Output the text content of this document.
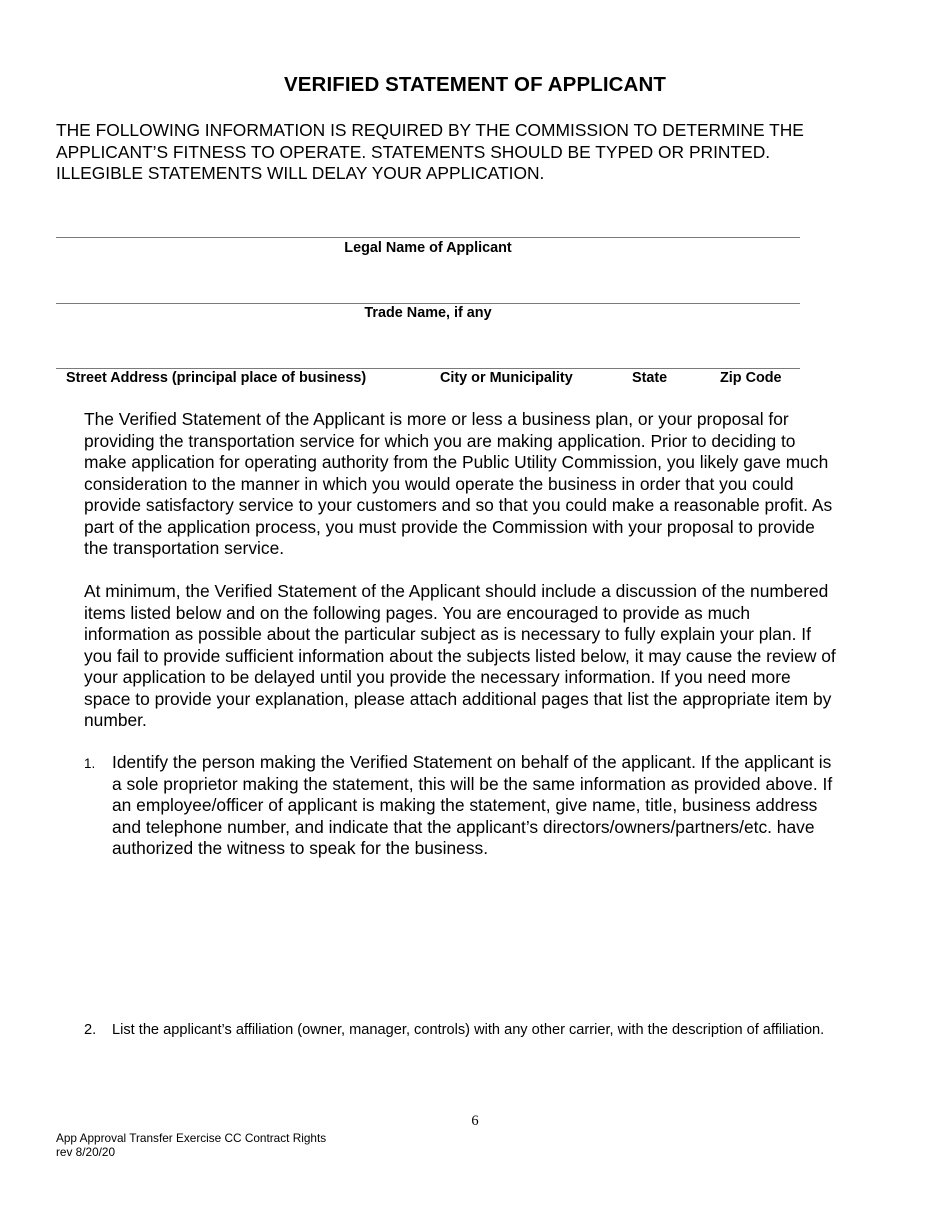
VERIFIED STATEMENT OF APPLICANT
THE FOLLOWING INFORMATION IS REQUIRED BY THE COMMISSION TO DETERMINE THE
APPLICANT’S FITNESS TO OPERATE. STATEMENTS SHOULD BE TYPED OR PRINTED.
ILLEGIBLE STATEMENTS WILL DELAY YOUR APPLICATION.
Legal Name of Applicant
Trade Name, if any
Street Address (principal place of business)	City or Municipality	State	Zip Code
The Verified Statement of the Applicant is more or less a business plan, or your proposal for
providing the transportation service for which you are making application. Prior to deciding to
make application for operating authority from the Public Utility Commission, you likely gave much
consideration to the manner in which you would operate the business in order that you could
provide satisfactory service to your customers and so that you could make a reasonable profit. As
part of the application process, you must provide the Commission with your proposal to provide
the transportation service.
At minimum, the Verified Statement of the Applicant should include a discussion of the numbered
items listed below and on the following pages. You are encouraged to provide as much
information as possible about the particular subject as is necessary to fully explain your plan. If
you fail to provide sufficient information about the subjects listed below, it may cause the review of
your application to be delayed until you provide the necessary information. If you need more
space to provide your explanation, please attach additional pages that list the appropriate item by
number.
1. Identify the person making the Verified Statement on behalf of the applicant. If the applicant is
a sole proprietor making the statement, this will be the same information as provided above. If
an employee/officer of applicant is making the statement, give name, title, business address
and telephone number, and indicate that the applicant’s directors/owners/partners/etc. have
authorized the witness to speak for the business.
2. List the applicant’s affiliation (owner, manager, controls) with any other carrier, with the description of affiliation.
6
App Approval Transfer Exercise CC Contract Rights
rev 8/20/20
